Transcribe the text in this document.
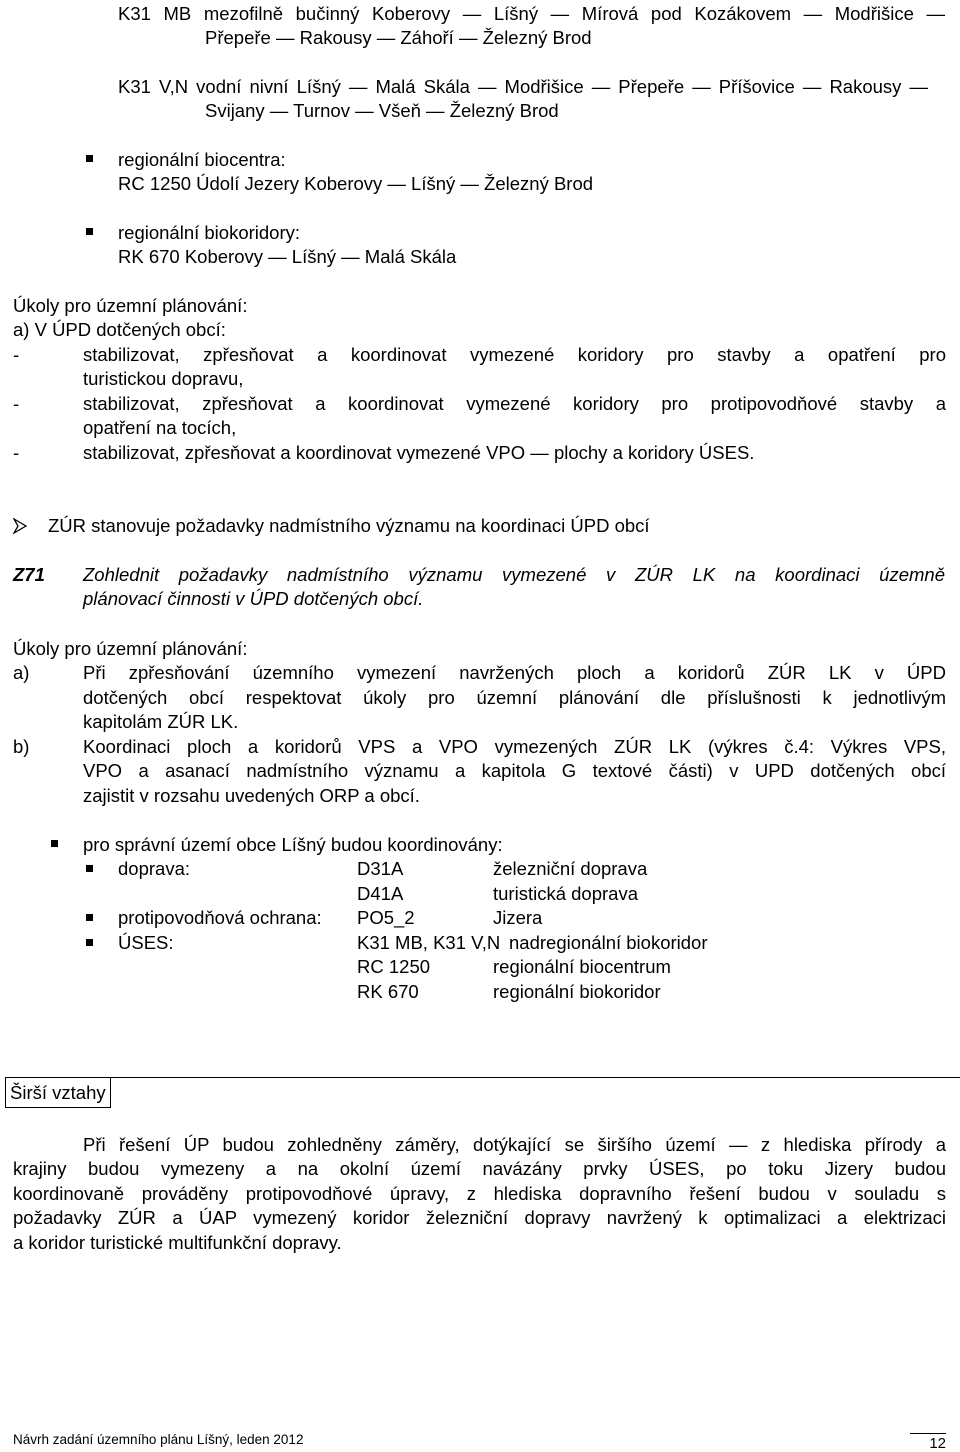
K31 MB mezofilně bučinný Koberovy — Líšný — Mírová pod Kozákovem — Modřišice —
Přepeře — Rakousy — Záhoří — Železný Brod
K31 V,N vodní nivní Líšný — Malá Skála — Modřišice — Přepeře — Příšovice — Rakousy —
Svijany — Turnov — Všeň — Železný Brod
regionální biocentra:
RC 1250 Údolí Jezery Koberovy — Líšný — Železný Brod
regionální biokoridory:
RK 670 Koberovy — Líšný — Malá Skála
Úkoly pro územní plánování:
a) V ÚPD dotčených obcí:
-	stabilizovat, zpřesňovat a koordinovat vymezené koridory pro stavby a opatření pro
turistickou dopravu,
-	stabilizovat, zpřesňovat a koordinovat vymezené koridory pro protipovodňové stavby a
opatření na tocích,
-	stabilizovat, zpřesňovat a koordinovat vymezené VPO — plochy a koridory ÚSES.
ZÚR stanovuje požadavky nadmístního významu na koordinaci ÚPD obcí
Z71 Zohlednit požadavky nadmístního významu vymezené v ZÚR LK na koordinaci územně
plánovací činnosti v ÚPD dotčených obcí.
Úkoly pro územní plánování:
a)	Při zpřesňování územního vymezení navržených ploch a koridorů ZÚR LK v ÚPD
dotčených obcí respektovat úkoly pro územní plánování dle příslušnosti k jednotlivým
kapitolám ZÚR LK.
b)	Koordinaci ploch a koridorů VPS a VPO vymezených ZÚR LK (výkres č.4: Výkres VPS,
VPO a asanací nadmístního významu a kapitola G textové části) v UPD dotčených obcí
zajistit v rozsahu uvedených ORP a obcí.
pro správní území obce Líšný budou koordinovány:
doprava:	D31A	železniční doprava
D41A	turistická doprava
protipovodňová ochrana: PO5_2	Jizera
ÚSES:	K31 MB, K31 V,N nadregionální biokoridor
RC 1250	regionální biocentrum
RK 670	regionální biokoridor
Širší vztahy
Při řešení ÚP budou zohledněny záměry, dotýkající se širšího území — z hlediska přírody a
krajiny budou vymezeny a na okolní území navázány prvky ÚSES, po toku Jizery budou
koordinovaně prováděny protipovodňové úpravy, z hlediska dopravního řešení budou v souladu s
požadavky ZÚR a ÚAP vymezený koridor železniční dopravy navržený k optimalizaci a elektrizaci
a koridor turistické multifunkční dopravy.
Návrh zadání územního plánu Líšný, leden 2012	12
